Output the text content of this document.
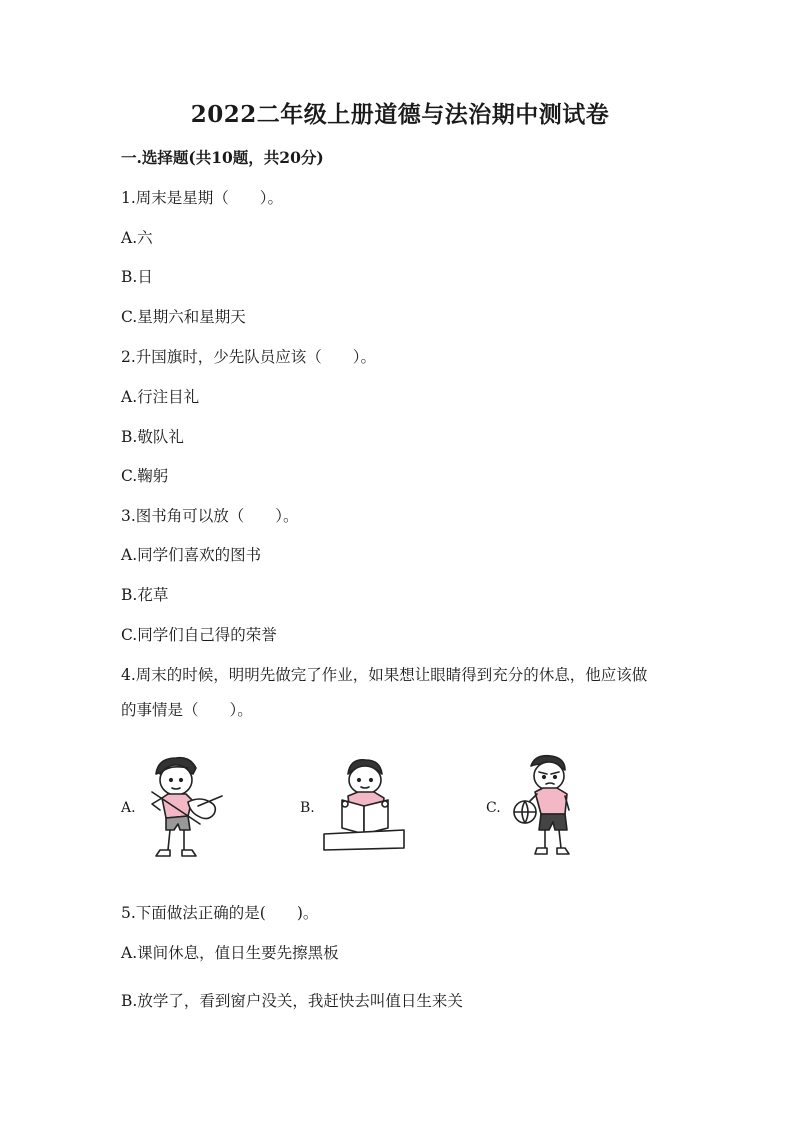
2022二年级上册道德与法治期中测试卷
一.选择题(共10题，共20分)
1.周末是星期（　　）。
A.六
B.日
C.星期六和星期天
2.升国旗时，少先队员应该（　　）。
A.行注目礼
B.敬队礼
C.鞠躬
3.图书角可以放（　　）。
A.同学们喜欢的图书
B.花草
C.同学们自己得的荣誉
4.周末的时候，明明先做完了作业，如果想让眼睛得到充分的休息，他应该做
的事情是（　　）。
A.	B.	C.
5.下面做法正确的是(　　)。
A.课间休息，值日生要先擦黑板
B.放学了，看到窗户没关，我赶快去叫值日生来关
